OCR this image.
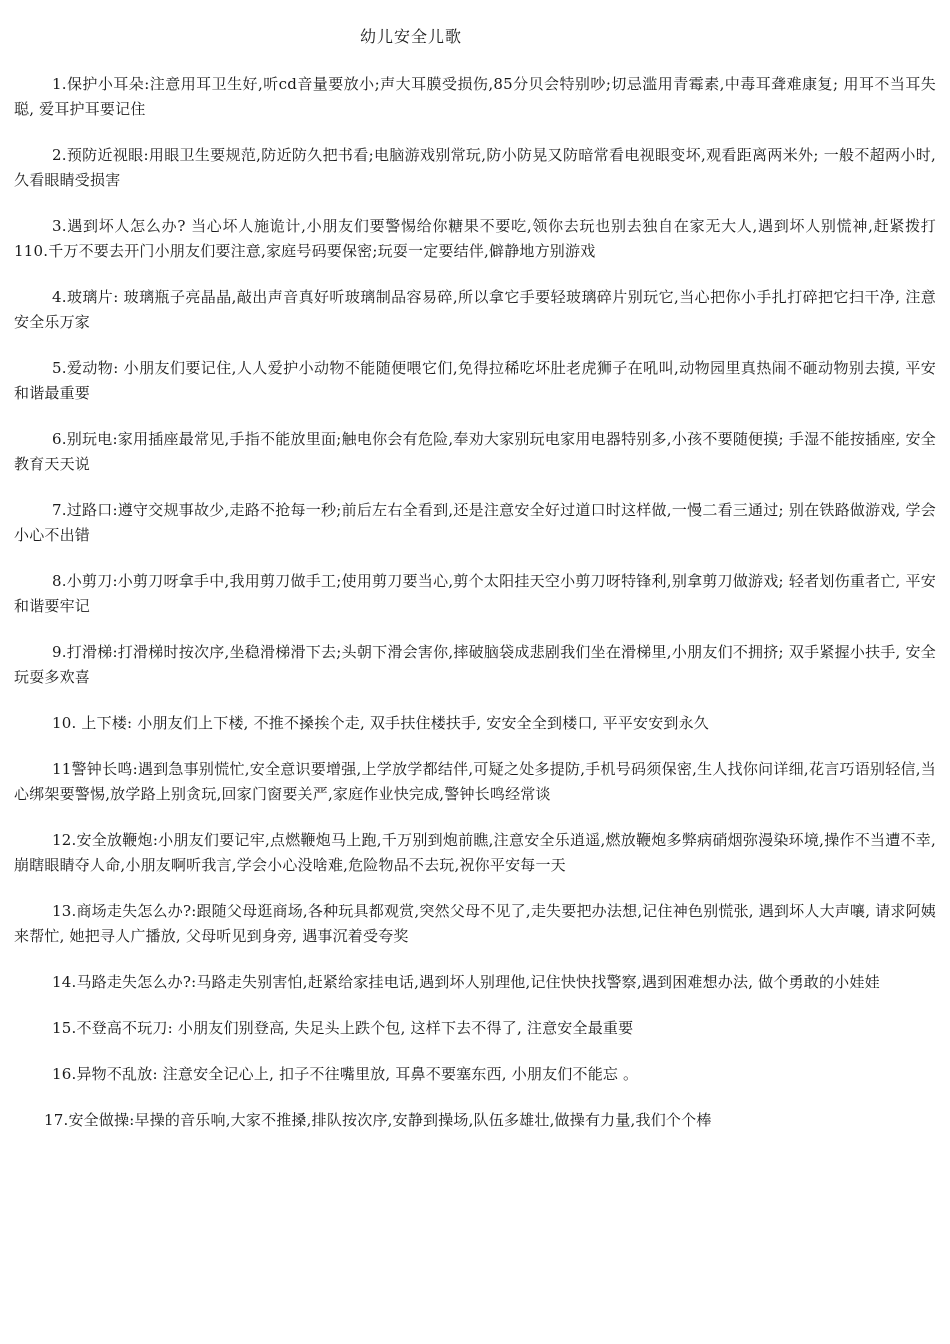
幼儿安全儿歌

1.保护小耳朵:注意用耳卫生好,听cd音量要放小;声大耳膜受损伤,85分贝会特别吵;切忌滥用青霉素,中毒耳聋难康复; 用耳不当耳失聪, 爱耳护耳要记住

2.预防近视眼:用眼卫生要规范,防近防久把书看;电脑游戏别常玩,防小防晃又防暗常看电视眼变坏,观看距离两米外; 一般不超两小时, 久看眼睛受损害

3.遇到坏人怎么办? 当心坏人施诡计,小朋友们要警惕给你糖果不要吃,领你去玩也别去独自在家无大人,遇到坏人别慌神,赶紧拨打110.千万不要去开门小朋友们要注意,家庭号码要保密;玩耍一定要结伴,僻静地方别游戏

4.玻璃片: 玻璃瓶子亮晶晶,敲出声音真好听玻璃制品容易碎,所以拿它手要轻玻璃碎片别玩它,当心把你小手扎打碎把它扫干净, 注意安全乐万家

5.爱动物: 小朋友们要记住,人人爱护小动物不能随便喂它们,免得拉稀吃坏肚老虎狮子在吼叫,动物园里真热闹不砸动物别去摸, 平安和谐最重要

6.别玩电:家用插座最常见,手指不能放里面;触电你会有危险,奉劝大家别玩电家用电器特别多,小孩不要随便摸; 手湿不能按插座, 安全教育天天说

7.过路口:遵守交规事故少,走路不抢每一秒;前后左右全看到,还是注意安全好过道口时这样做,一慢二看三通过; 别在铁路做游戏, 学会小心不出错

8.小剪刀:小剪刀呀拿手中,我用剪刀做手工;使用剪刀要当心,剪个太阳挂天空小剪刀呀特锋利,别拿剪刀做游戏; 轻者划伤重者亡, 平安和谐要牢记

9.打滑梯:打滑梯时按次序,坐稳滑梯滑下去;头朝下滑会害你,摔破脑袋成悲剧我们坐在滑梯里,小朋友们不拥挤; 双手紧握小扶手, 安全玩耍多欢喜

10. 上下楼: 小朋友们上下楼, 不推不搡挨个走, 双手扶住楼扶手, 安安全全到楼口, 平平安安到永久

11警钟长鸣:遇到急事别慌忙,安全意识要增强,上学放学都结伴,可疑之处多提防,手机号码须保密,生人找你问详细,花言巧语别轻信,当心绑架要警惕,放学路上别贪玩,回家门窗要关严,家庭作业快完成,警钟长鸣经常谈

12.安全放鞭炮:小朋友们要记牢,点燃鞭炮马上跑,千万别到炮前瞧,注意安全乐逍遥,燃放鞭炮多弊病硝烟弥漫染环境,操作不当遭不幸,崩瞎眼睛夺人命,小朋友啊听我言,学会小心没啥难,危险物品不去玩,祝你平安每一天

13.商场走失怎么办?:跟随父母逛商场,各种玩具都观赏,突然父母不见了,走失要把办法想,记住神色别慌张, 遇到坏人大声嚷, 请求阿姨来帮忙, 她把寻人广播放, 父母听见到身旁, 遇事沉着受夸奖

14.马路走失怎么办?:马路走失别害怕,赶紧给家挂电话,遇到坏人别理他,记住快快找警察,遇到困难想办法, 做个勇敢的小娃娃

15.不登高不玩刀: 小朋友们别登高, 失足头上跌个包, 这样下去不得了, 注意安全最重要

16.异物不乱放: 注意安全记心上, 扣子不往嘴里放, 耳鼻不要塞东西, 小朋友们不能忘 。

17.安全做操:早操的音乐响,大家不推搡,排队按次序,安静到操场,队伍多雄壮,做操有力量,我们个个棒
